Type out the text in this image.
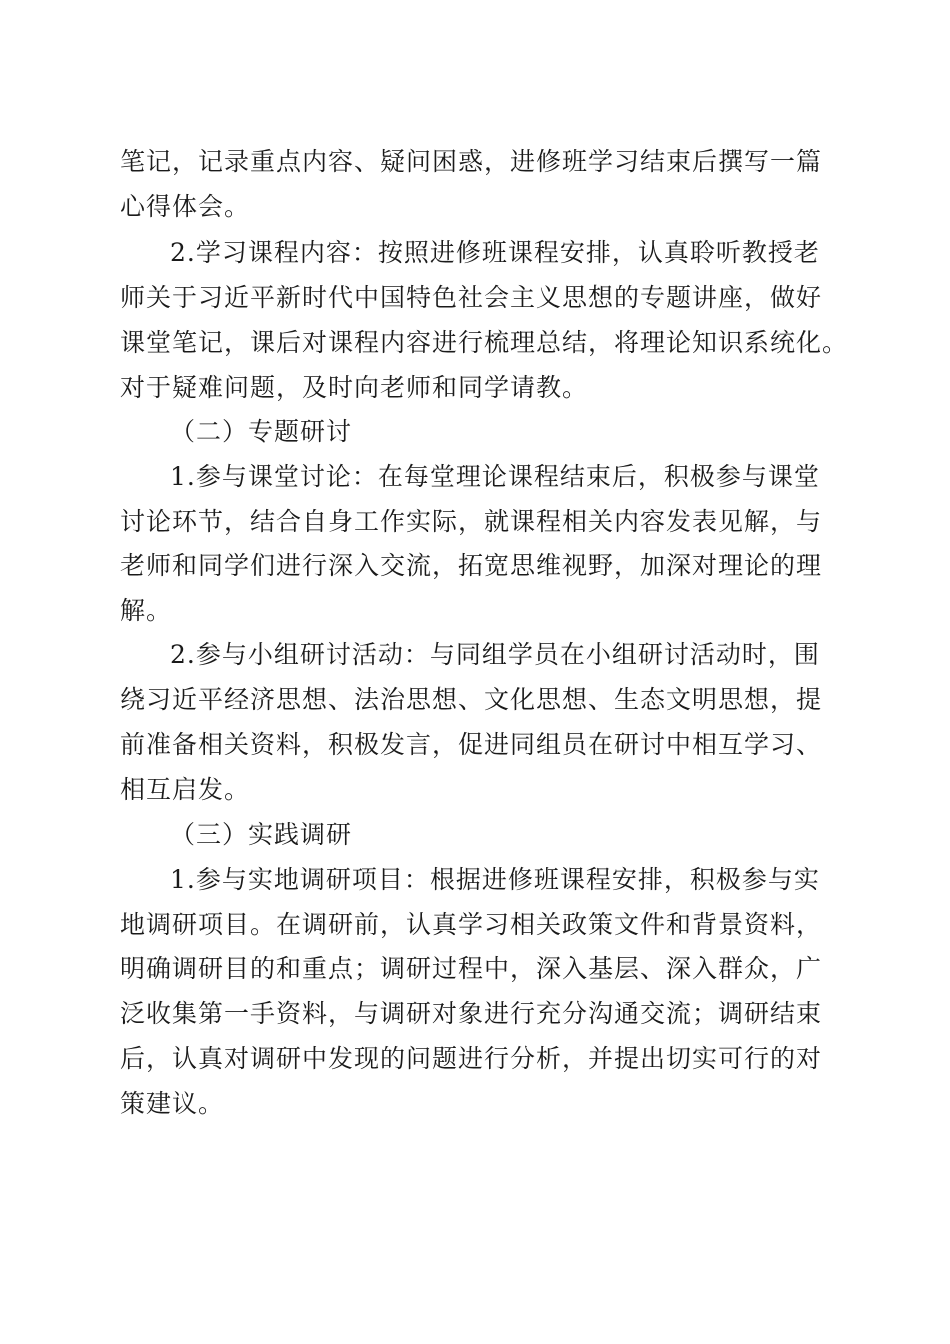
笔记，记录重点内容、疑问困惑，进修班学习结束后撰写一篇
心得体会。
2.学习课程内容：按照进修班课程安排，认真聆听教授老
师关于习近平新时代中国特色社会主义思想的专题讲座，做好
课堂笔记，课后对课程内容进行梳理总结，将理论知识系统化。
对于疑难问题，及时向老师和同学请教。
（二）专题研讨
1.参与课堂讨论：在每堂理论课程结束后，积极参与课堂
讨论环节，结合自身工作实际，就课程相关内容发表见解，与
老师和同学们进行深入交流，拓宽思维视野，加深对理论的理
解。
2.参与小组研讨活动：与同组学员在小组研讨活动时，围
绕习近平经济思想、法治思想、文化思想、生态文明思想，提
前准备相关资料，积极发言，促进同组员在研讨中相互学习、
相互启发。
（三）实践调研
1.参与实地调研项目：根据进修班课程安排，积极参与实
地调研项目。在调研前，认真学习相关政策文件和背景资料，
明确调研目的和重点；调研过程中，深入基层、深入群众，广
泛收集第一手资料，与调研对象进行充分沟通交流；调研结束
后，认真对调研中发现的问题进行分析，并提出切实可行的对
策建议。
